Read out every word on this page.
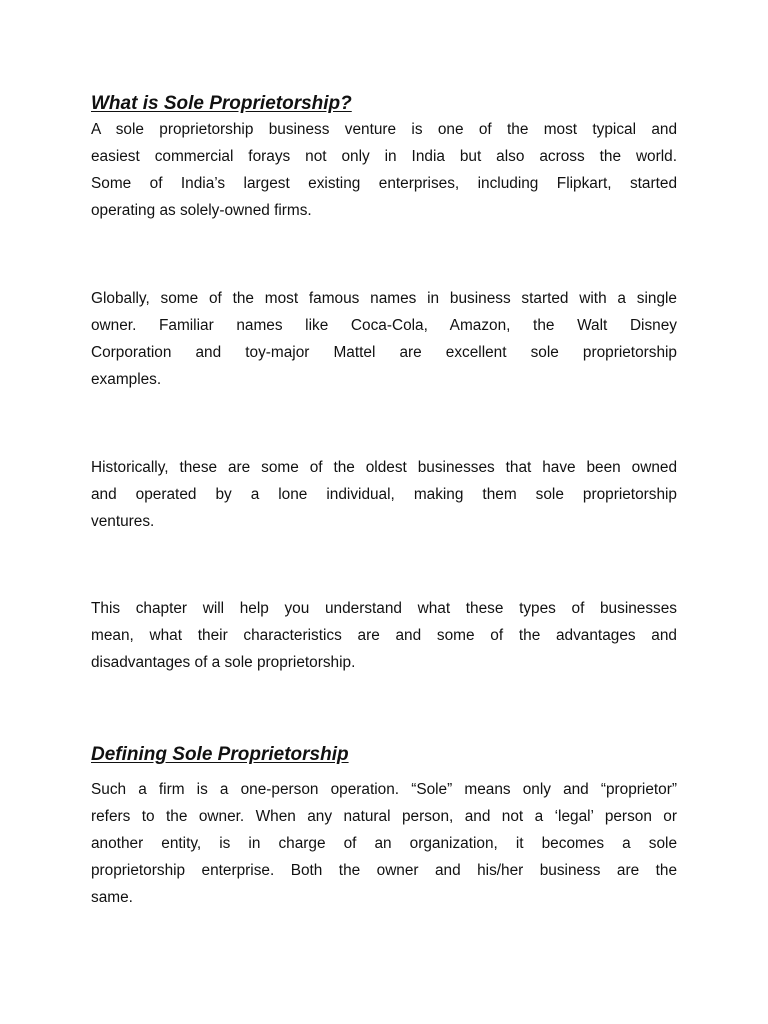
What is Sole Proprietorship?
A sole proprietorship business venture is one of the most typical and
easiest commercial forays not only in India but also across the world.
Some of India’s largest existing enterprises, including Flipkart, started
operating as solely-owned firms.
Globally, some of the most famous names in business started with a single
owner. Familiar names like Coca-Cola, Amazon, the Walt Disney
Corporation and toy-major Mattel are excellent sole proprietorship
examples.
Historically, these are some of the oldest businesses that have been owned
and operated by a lone individual, making them sole proprietorship
ventures.
This chapter will help you understand what these types of businesses
mean, what their characteristics are and some of the advantages and
disadvantages of a sole proprietorship.
Defining Sole Proprietorship
Such a firm is a one-person operation. “Sole” means only and “proprietor”
refers to the owner. When any natural person, and not a ‘legal’ person or
another entity, is in charge of an organization, it becomes a sole
proprietorship enterprise. Both the owner and his/her business are the
same.
